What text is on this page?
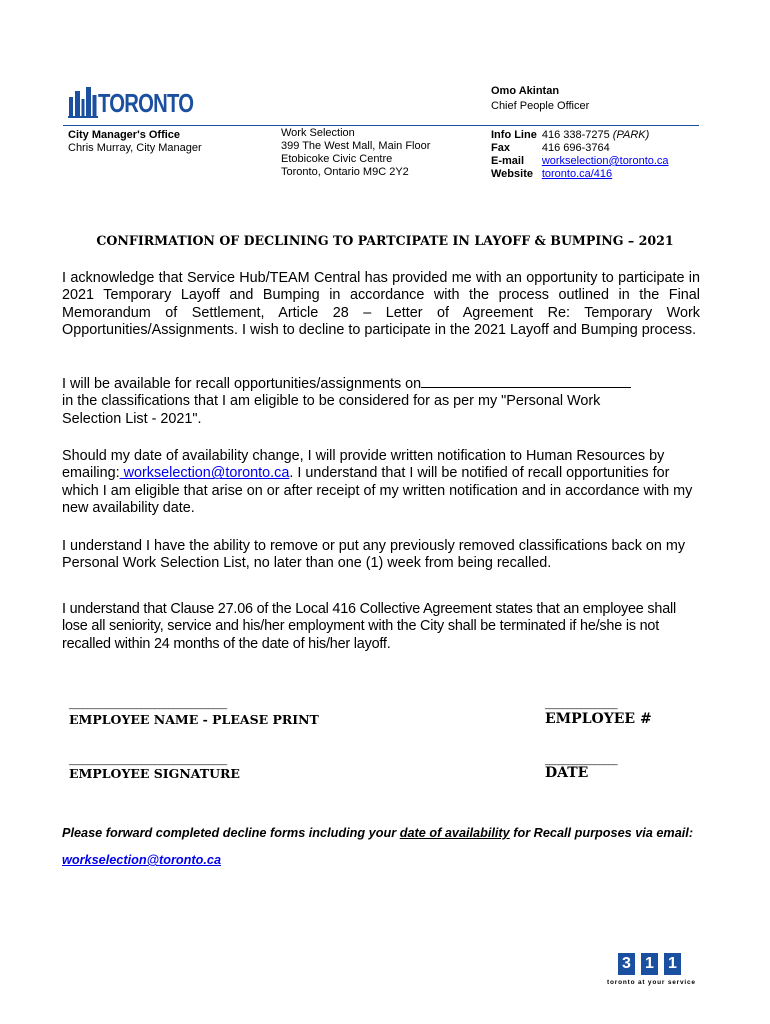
TORONTO	Omo Akintan
Chief People Officer
City Manager's Office
Chris Murray, City Manager
Work Selection
399 The West Mall, Main Floor
Etobicoke Civic Centre
Toronto, Ontario M9C 2Y2
Info Line	416 338-7275 (PARK)
Fax	416 696-3764
E-mail	workselection@toronto.ca
Website	toronto.ca/416
CONFIRMATION OF DECLINING TO PARTCIPATE IN LAYOFF & BUMPING – 2021
I acknowledge that Service Hub/TEAM Central has provided me with an opportunity to participate in 2021 Temporary Layoff and Bumping in accordance with the process outlined in the Final Memorandum of Settlement, Article 28 – Letter of Agreement Re: Temporary Work Opportunities/Assignments. I wish to decline to participate in the 2021 Layoff and Bumping process.
I will be available for recall opportunities/assignments on
in the classifications that I am eligible to be considered for as per my "Personal Work Selection List - 2021".
Should my date of availability change, I will provide written notification to Human Resources by emailing: workselection@toronto.ca. I understand that I will be notified of recall opportunities for which I am eligible that arise on or after receipt of my written notification and in accordance with my new availability date.
I understand I have the ability to remove or put any previously removed classifications back on my Personal Work Selection List, no later than one (1) week from being recalled.
I understand that Clause 27.06 of the Local 416 Collective Agreement states that an employee shall lose all seniority, service and his/her employment with the City shall be terminated if he/she is not recalled within 24 months of the date of his/her layoff.
___________________________________
EMPLOYEE NAME - PLEASE PRINT
________________
EMPLOYEE #
___________________________________
EMPLOYEE SIGNATURE
________________
DATE
Please forward completed decline forms including your date of availability for Recall purposes via email: workselection@toronto.ca
3 1 1
toronto at your service
